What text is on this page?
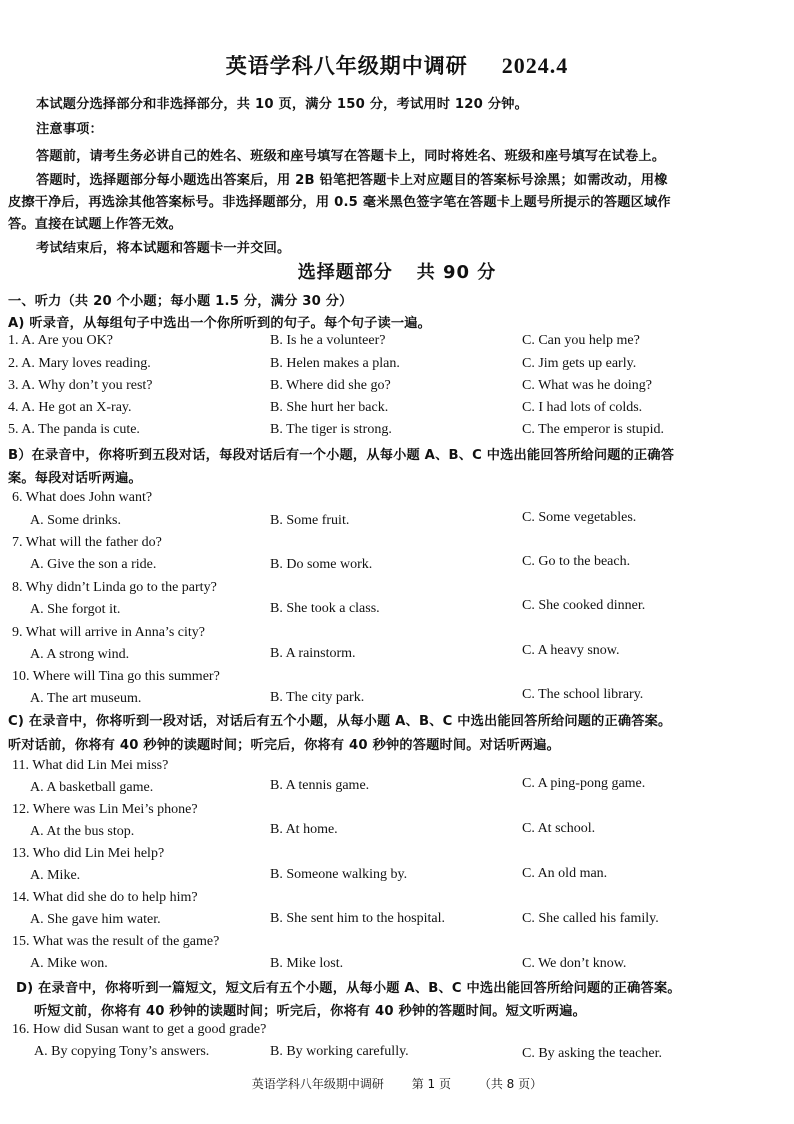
英语学科八年级期中调研 2024.4
本试题分选择部分和非选择部分，共 10 页，满分 150 分，考试用时 120 分钟。
注意事项：
答题前，请考生务必讲自己的姓名、班级和座号填写在答题卡上，同时将姓名、班级和座号填写在试卷上。
答题时，选择题部分每小题选出答案后，用 2B 铅笔把答题卡上对应题目的答案标号涂黑；如需改动，用橡
皮擦干净后，再选涂其他答案标号。非选择题部分，用 0.5 毫米黑色签字笔在答题卡上题号所提示的答题区域作
答。直接在试题上作答无效。
考试结束后，将本试题和答题卡一并交回。
选择题部分 共 90 分
一、听力（共 20 个小题；每小题 1.5 分，满分 30 分）
A) 听录音，从每组句子中选出一个你所听到的句子。每个句子读一遍。
1. A. Are you OK?	B. Is he a volunteer?	C. Can you help me?
2. A. Mary loves reading.	B. Helen makes a plan.	C. Jim gets up early.
3. A. Why don’t you rest?	B. Where did she go?	C. What was he doing?
4. A. He got an X-ray.	B. She hurt her back.	C. I had lots of colds.
5. A. The panda is cute.	B. The tiger is strong.	C. The emperor is stupid.
B）在录音中，你将听到五段对话，每段对话后有一个小题，从每小题 A、B、C 中选出能回答所给问题的正确答
案。每段对话听两遍。
6. What does John want?
A. Some drinks.	B. Some fruit.	C. Some vegetables.
7. What will the father do?
A. Give the son a ride.	B. Do some work.	C. Go to the beach.
8. Why didn’t Linda go to the party?
A. She forgot it.	B. She took a class.	C. She cooked dinner.
9. What will arrive in Anna’s city?
A. A strong wind.	B. A rainstorm.	C. A heavy snow.
10. Where will Tina go this summer?
A. The art museum.	B. The city park.	C. The school library.
C) 在录音中，你将听到一段对话，对话后有五个小题，从每小题 A、B、C 中选出能回答所给问题的正确答案。
听对话前，你将有 40 秒钟的读题时间；听完后，你将有 40 秒钟的答题时间。对话听两遍。
11. What did Lin Mei miss?
A. A basketball game.	B. A tennis game.	C. A ping-pong game.
12. Where was Lin Mei’s phone?
A. At the bus stop.	B. At home.	C. At school.
13. Who did Lin Mei help?
A. Mike.	B. Someone walking by.	C. An old man.
14. What did she do to help him?
A. She gave him water.	B. She sent him to the hospital.	C. She called his family.
15. What was the result of the game?
A. Mike won.	B. Mike lost.	C. We don’t know.
D) 在录音中，你将听到一篇短文，短文后有五个小题，从每小题 A、B、C 中选出能回答所给问题的正确答案。
听短文前，你将有 40 秒钟的读题时间；听完后，你将有 40 秒钟的答题时间。短文听两遍。
16. How did Susan want to get a good grade?
A. By copying Tony’s answers.	B. By working carefully.	C. By asking the teacher.
英语学科八年级期中调研 第 1 页 （共 8 页）
